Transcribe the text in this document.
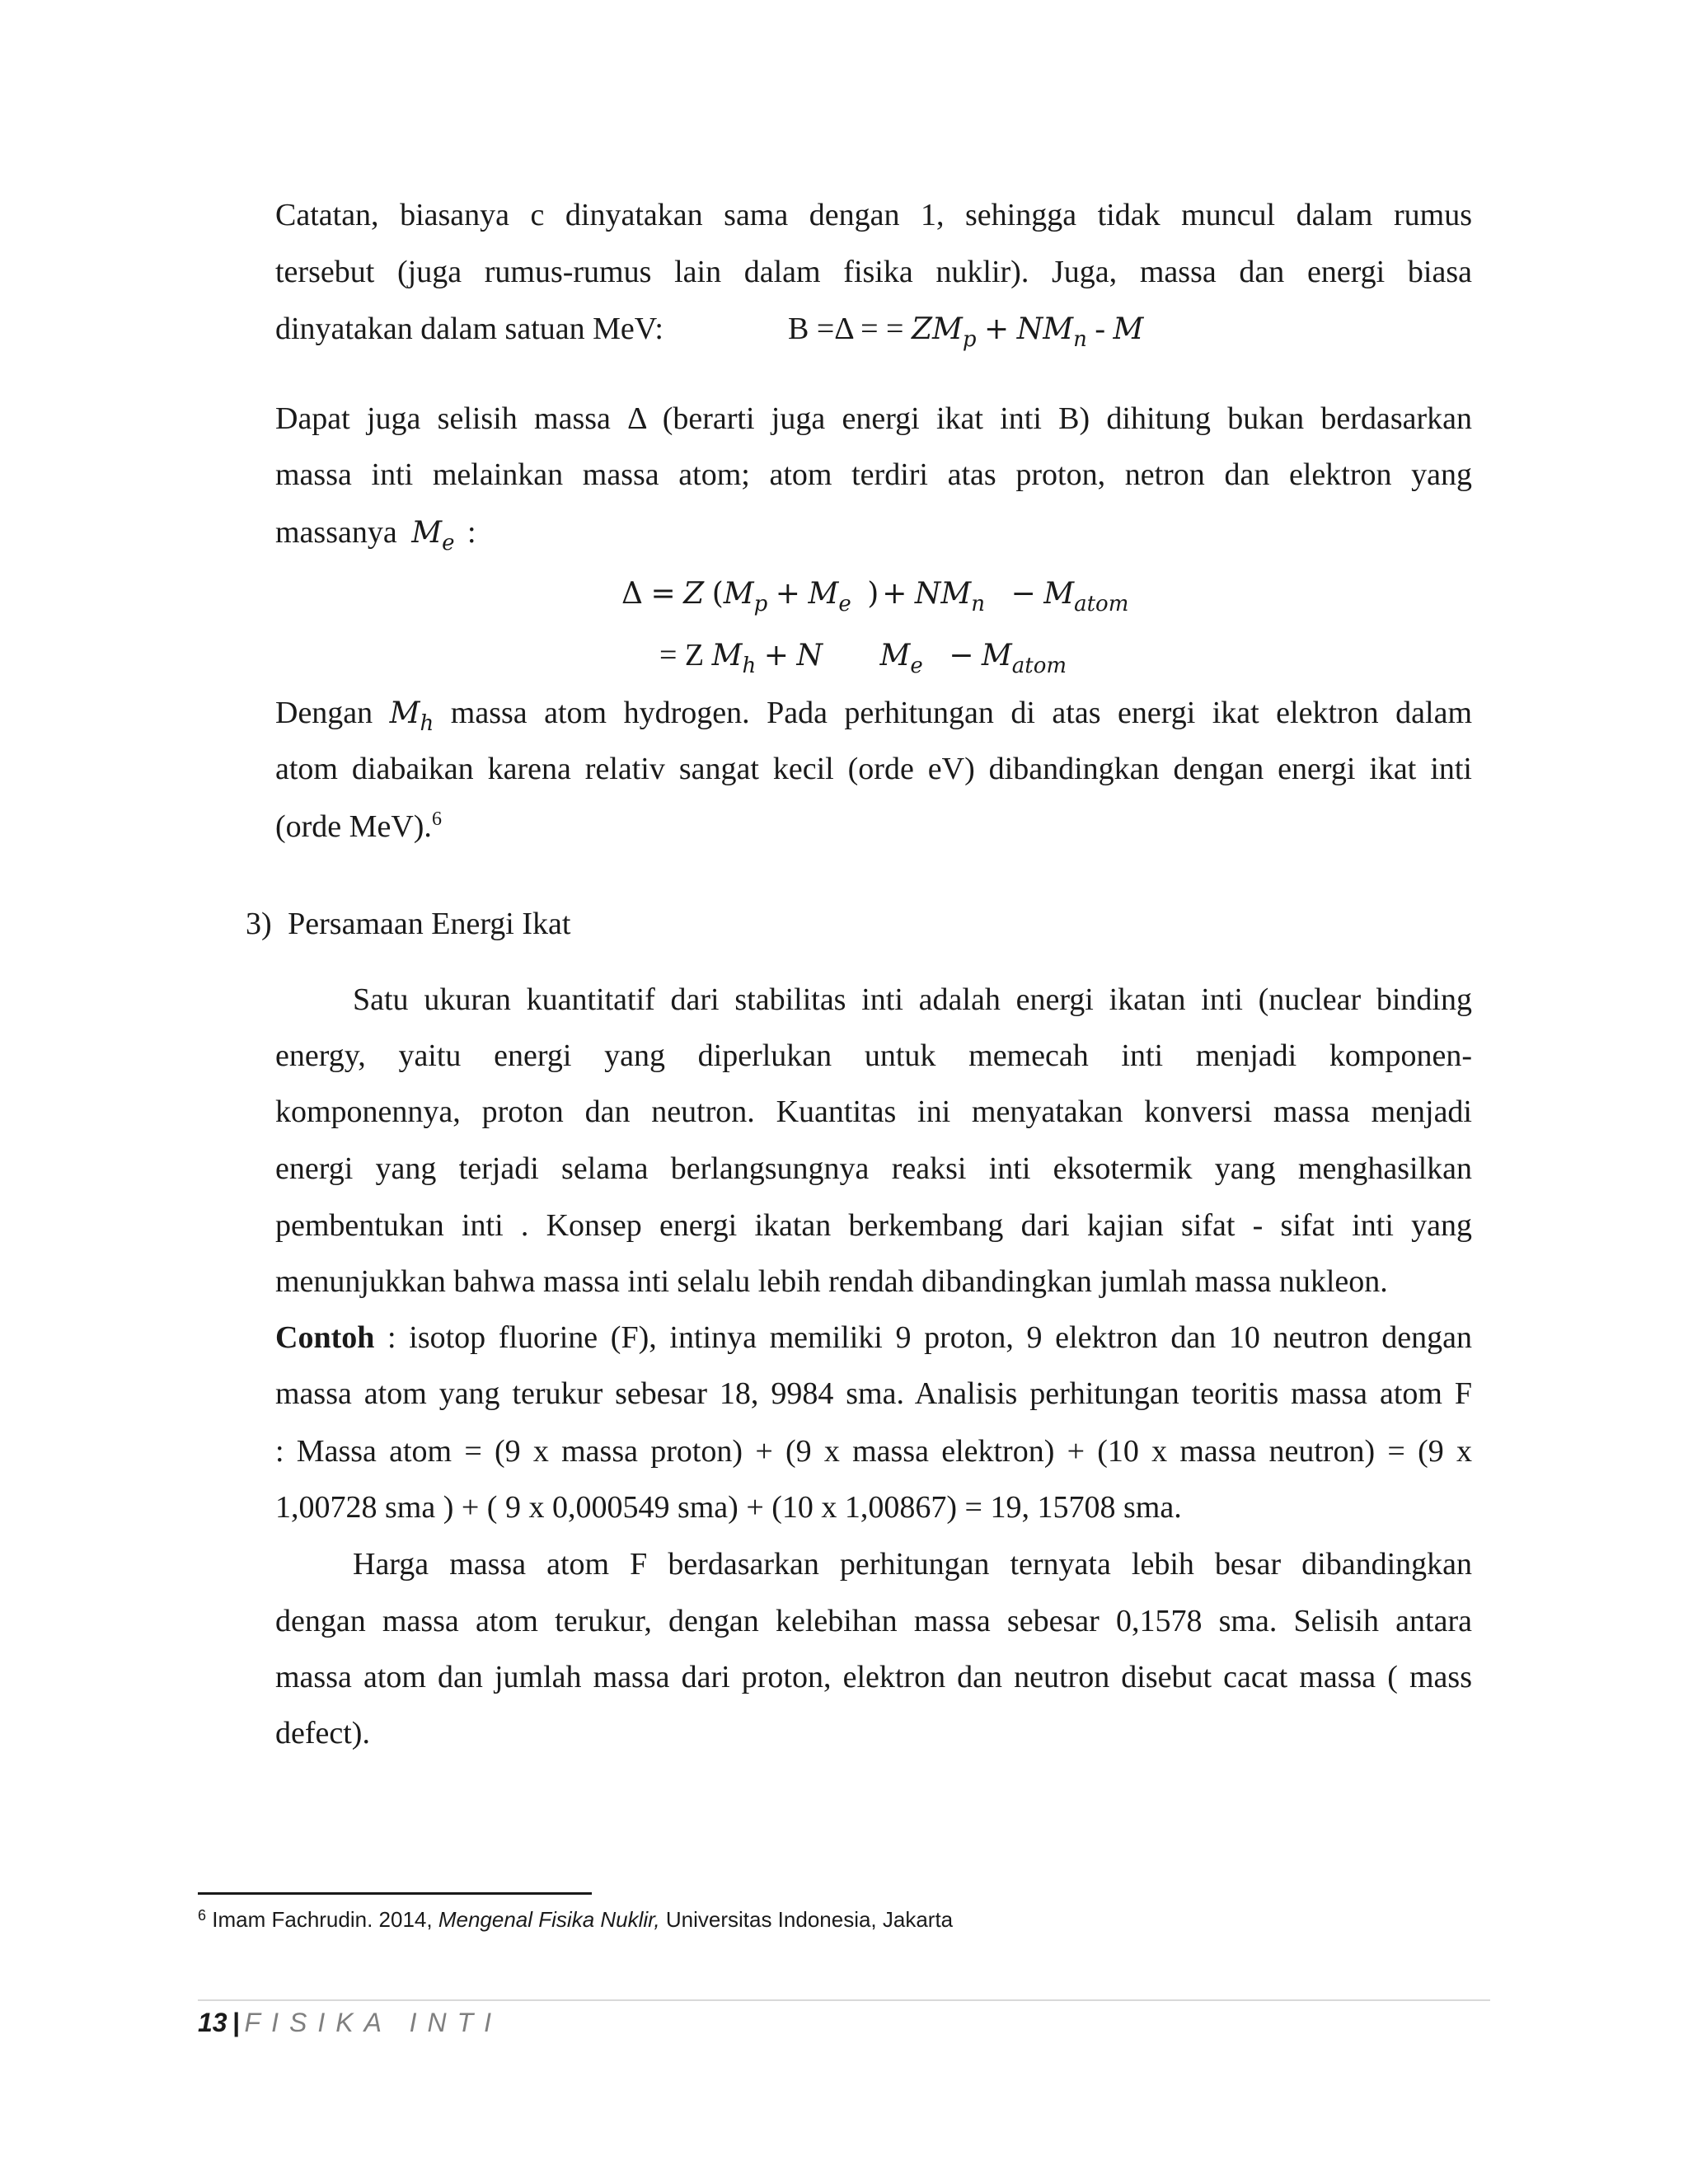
Catatan, biasanya c dinyatakan sama dengan 1, sehingga tidak muncul dalam rumus
tersebut (juga rumus-rumus lain dalam fisika nuklir). Juga, massa dan energi biasa
dinyatakan dalam satuan MeV:	B =Δ = = $ZM_p + NM_n - M$
Dapat juga selisih massa Δ (berarti juga energi ikat inti B) dihitung bukan berdasarkan
massa inti melainkan massa atom; atom terdiri atas proton, netron dan elektron yang
massanya $M_e$ :
Δ = Z ($M_p + M_e$ ) + $NM_n - M_{atom}$
= Z $M_h + N$ $M_e - M_{atom}$
Dengan $M_h$ massa atom hydrogen. Pada perhitungan di atas energi ikat elektron dalam
atom diabaikan karena relativ sangat kecil (orde eV) dibandingkan dengan energi ikat inti
(orde MeV).$^6$
3) Persamaan Energi Ikat
Satu ukuran kuantitatif dari stabilitas inti adalah energi ikatan inti (nuclear binding
energy, yaitu energi yang diperlukan untuk memecah inti menjadi komponen-
komponennya, proton dan neutron. Kuantitas ini menyatakan konversi massa menjadi
energi yang terjadi selama berlangsungnya reaksi inti eksotermik yang menghasilkan
pembentukan inti . Konsep energi ikatan berkembang dari kajian sifat - sifat inti yang
menunjukkan bahwa massa inti selalu lebih rendah dibandingkan jumlah massa nukleon.
Contoh : isotop fluorine (F), intinya memiliki 9 proton, 9 elektron dan 10 neutron dengan
massa atom yang terukur sebesar 18, 9984 sma. Analisis perhitungan teoritis massa atom F
: Massa atom = (9 x massa proton) + (9 x massa elektron) + (10 x massa neutron) = (9 x
1,00728 sma ) + ( 9 x 0,000549 sma) + (10 x 1,00867) = 19, 15708 sma.
Harga massa atom F berdasarkan perhitungan ternyata lebih besar dibandingkan
dengan massa atom terukur, dengan kelebihan massa sebesar 0,1578 sma. Selisih antara
massa atom dan jumlah massa dari proton, elektron dan neutron disebut cacat massa ( mass
defect).
$^6$ Imam Fachrudin. 2014, Mengenal Fisika Nuklir, Universitas Indonesia, Jakarta
13 | FISIKA INTI
